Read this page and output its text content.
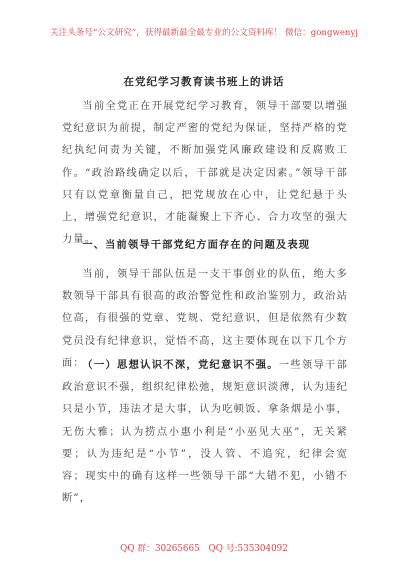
关注头条号“公文研究”，获得最新最全最专业的公文资料库！ 微信：gongwenyj
在党纪学习教育读书班上的讲话

当前全党正在开展党纪学习教育，领导干部要以增强党纪意识为前提，制定严密的党纪为保证，坚持严格的党纪执纪问责为关键，不断加强党风廉政建设和反腐败工作。“政治路线确定以后，干部就是决定因素。”领导干部只有以党章衡量自己，把党规放在心中，让党纪悬于头上，增强党纪意识，才能凝聚上下齐心、合力攻坚的强大力量。

一、当前领导干部党纪方面存在的问题及表现

当前，领导干部队伍是一支干事创业的队伍，绝大多数领导干部具有很高的政治警觉性和政治鉴别力，政治站位高，有很强的党章、党规、党纪意识，但是依然有少数党员没有纪律意识，觉悟不高，这主要体现在以下几个方面：

（一）思想认识不深，党纪意识不强。一些领导干部政治意识不强，组织纪律松弛，规矩意识淡薄，认为违纪只是小节，违法才是大事，认为吃顿饭、拿条烟是小事，无伤大雅；认为捞点小惠小利是“小巫见大巫”，无关紧要；认为违纪是“小节”，没人管、不追究，纪律会宽容；现实中的确有这样一些领导干部“大错不犯，小错不断”，

QQ 群：30265665 QQ 号:535304092
